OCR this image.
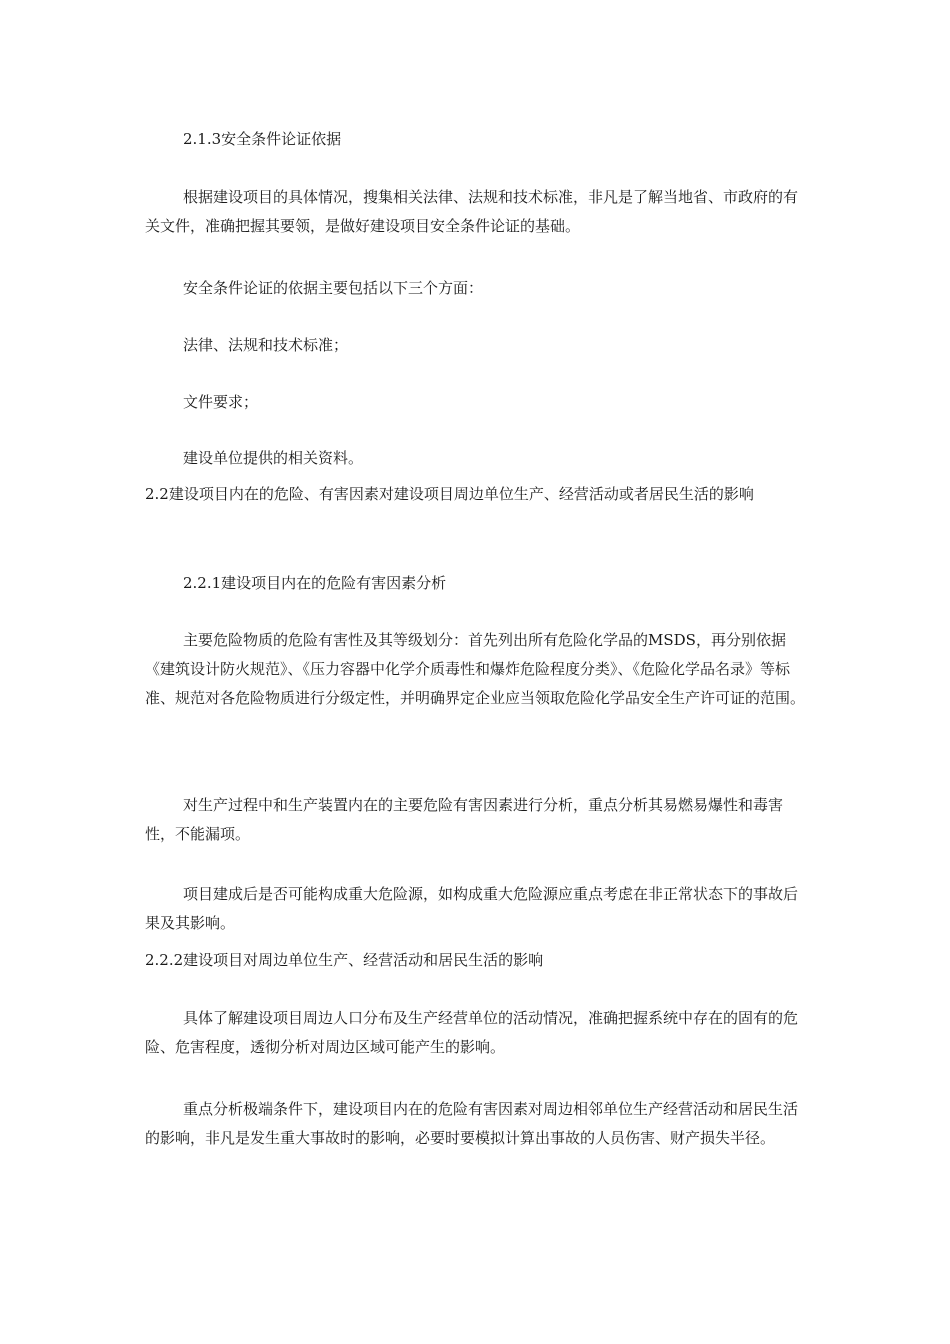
2.1.3安全条件论证依据

根据建设项目的具体情况，搜集相关法律、法规和技术标准，非凡是了解当地省、市政府的有关文件，准确把握其要领，是做好建设项目安全条件论证的基础。

安全条件论证的依据主要包括以下三个方面：

法律、法规和技术标准；

文件要求；

建设单位提供的相关资料。

2.2建设项目内在的危险、有害因素对建设项目周边单位生产、经营活动或者居民生活的影响

2.2.1建设项目内在的危险有害因素分析

主要危险物质的危险有害性及其等级划分：首先列出所有危险化学品的MSDS，再分别依据《建筑设计防火规范》、《压力容器中化学介质毒性和爆炸危险程度分类》、《危险化学品名录》等标准、规范对各危险物质进行分级定性，并明确界定企业应当领取危险化学品安全生产许可证的范围。

对生产过程中和生产装置内在的主要危险有害因素进行分析，重点分析其易燃易爆性和毒害性，不能漏项。

项目建成后是否可能构成重大危险源，如构成重大危险源应重点考虑在非正常状态下的事故后果及其影响。

2.2.2建设项目对周边单位生产、经营活动和居民生活的影响

具体了解建设项目周边人口分布及生产经营单位的活动情况，准确把握系统中存在的固有的危险、危害程度，透彻分析对周边区域可能产生的影响。

重点分析极端条件下，建设项目内在的危险有害因素对周边相邻单位生产经营活动和居民生活的影响，非凡是发生重大事故时的影响，必要时要模拟计算出事故的人员伤害、财产损失半径。
